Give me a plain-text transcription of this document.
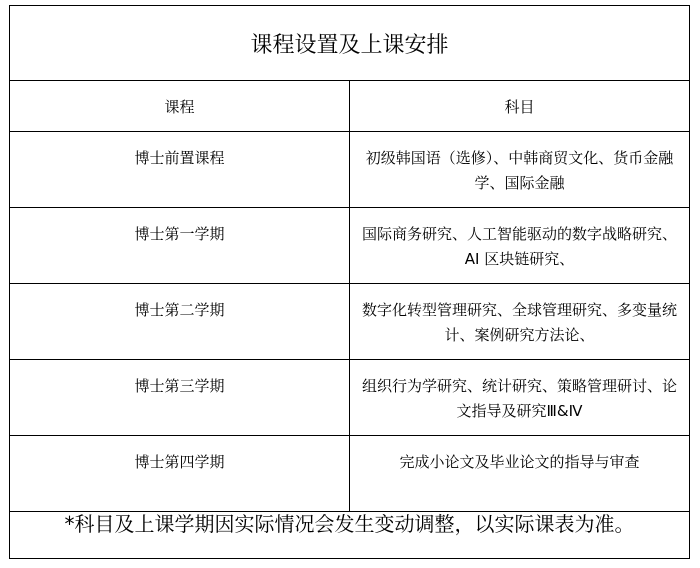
课程设置及上课安排
课程	科目
博士前置课程	初级韩国语（选修）、中韩商贸文化、货币金融学、国际金融
博士第一学期	国际商务研究、人工智能驱动的数字战略研究、AI 区块链研究、
博士第二学期	数字化转型管理研究、全球管理研究、多变量统计、案例研究方法论、
博士第三学期	组织行为学研究、统计研究、策略管理研讨、论文指导及研究Ⅲ&Ⅳ
博士第四学期	完成小论文及毕业论文的指导与审查
*科目及上课学期因实际情况会发生变动调整，以实际课表为准。
